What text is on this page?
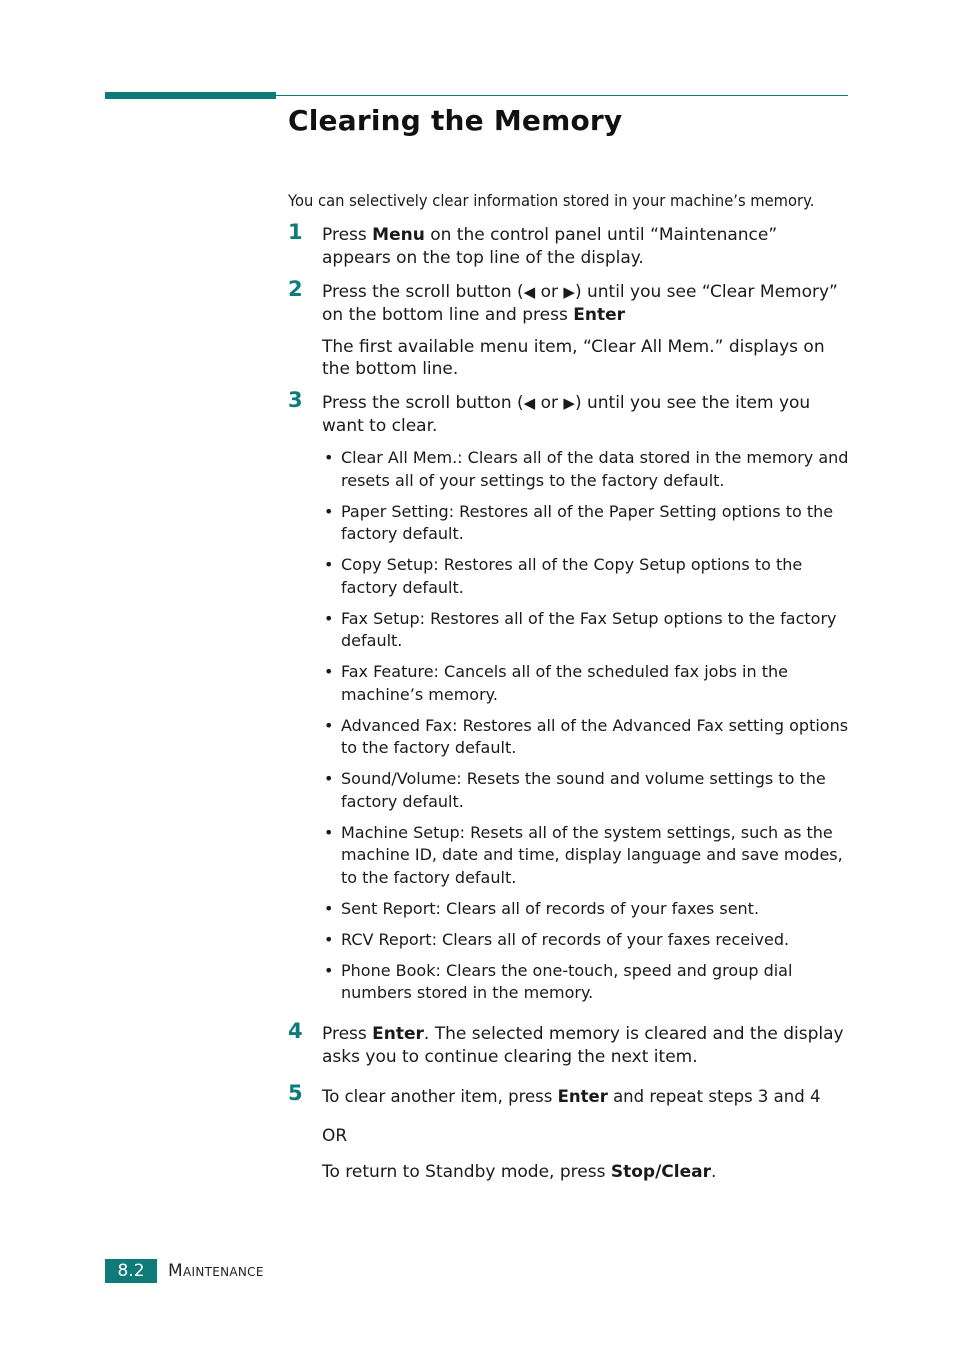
Clearing the Memory
You can selectively clear information stored in your machine’s memory.
1 Press Menu on the control panel until “Maintenance” appears on the top line of the display.
2 Press the scroll button (◀ or ▶) until you see “Clear Memory” on the bottom line and press Enter
The first available menu item, “Clear All Mem.” displays on the bottom line.
3 Press the scroll button (◀ or ▶) until you see the item you want to clear.
• Clear All Mem.: Clears all of the data stored in the memory and resets all of your settings to the factory default.
• Paper Setting: Restores all of the Paper Setting options to the factory default.
• Copy Setup: Restores all of the Copy Setup options to the factory default.
• Fax Setup: Restores all of the Fax Setup options to the factory default.
• Fax Feature: Cancels all of the scheduled fax jobs in the machine’s memory.
• Advanced Fax: Restores all of the Advanced Fax setting options to the factory default.
• Sound/Volume: Resets the sound and volume settings to the factory default.
• Machine Setup: Resets all of the system settings, such as the machine ID, date and time, display language and save modes, to the factory default.
• Sent Report: Clears all of records of your faxes sent.
• RCV Report: Clears all of records of your faxes received.
• Phone Book: Clears the one-touch, speed and group dial numbers stored in the memory.
4 Press Enter. The selected memory is cleared and the display asks you to continue clearing the next item.
5 To clear another item, press Enter and repeat steps 3 and 4
OR
To return to Standby mode, press Stop/Clear.
8.2	Maintenance
